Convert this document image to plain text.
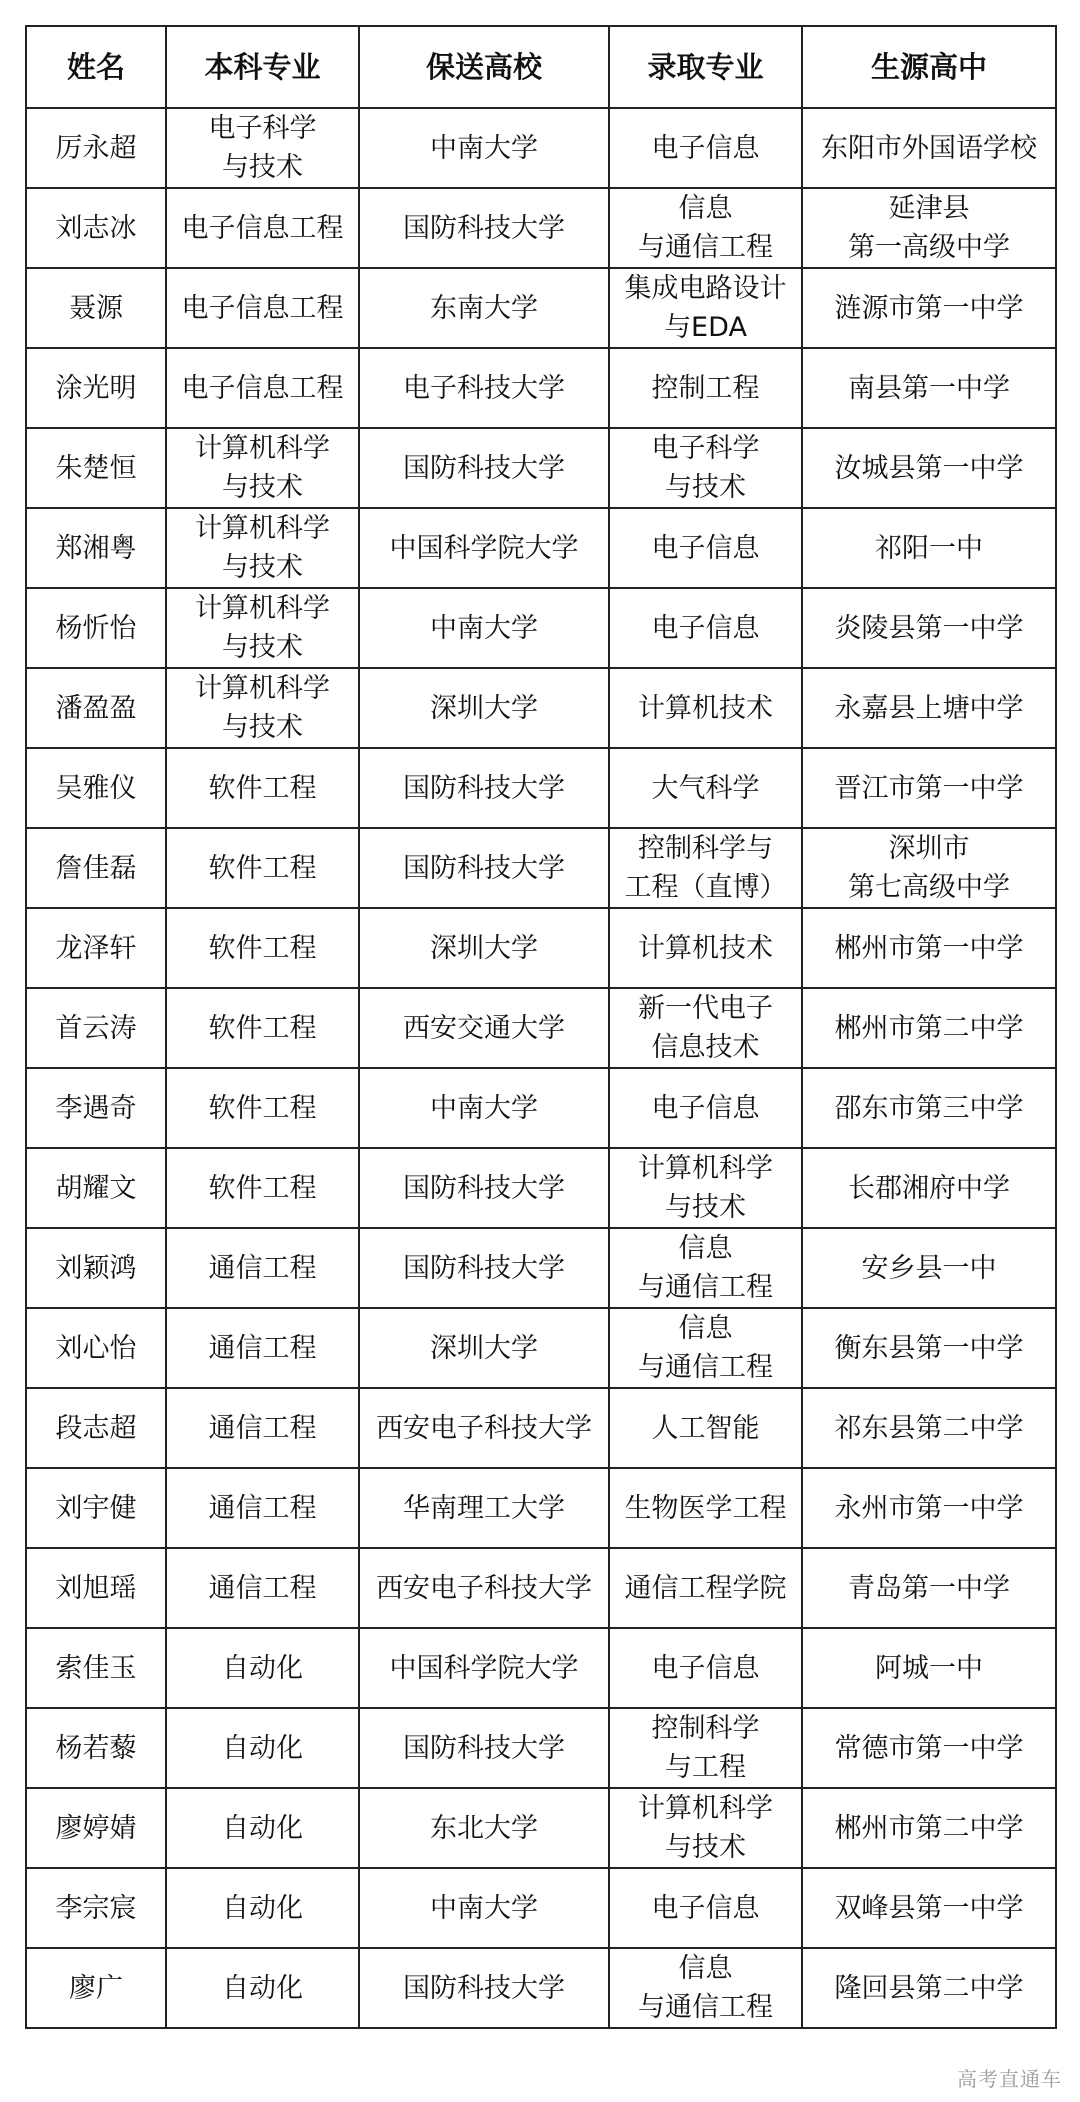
姓名	本科专业	保送高校	录取专业	生源高中

厉永超	电子科学
与技术	中南大学	电子信息	东阳市外国语学校

刘志冰	电子信息工程	国防科技大学	信息
与通信工程	延津县
第一高级中学

聂源	电子信息工程	东南大学	集成电路设计
与EDA	涟源市第一中学

涂光明	电子信息工程	电子科技大学	控制工程	南县第一中学

朱楚恒	计算机科学
与技术	国防科技大学	电子科学
与技术	汝城县第一中学

郑湘粤	计算机科学
与技术	中国科学院大学	电子信息	祁阳一中

杨忻怡	计算机科学
与技术	中南大学	电子信息	炎陵县第一中学

潘盈盈	计算机科学
与技术	深圳大学	计算机技术	永嘉县上塘中学

吴雅仪	软件工程	国防科技大学	大气科学	晋江市第一中学

詹佳磊	软件工程	国防科技大学	控制科学与
工程（直博）	深圳市
第七高级中学

龙泽轩	软件工程	深圳大学	计算机技术	郴州市第一中学

首云涛	软件工程	西安交通大学	新一代电子
信息技术	郴州市第二中学

李遇奇	软件工程	中南大学	电子信息	邵东市第三中学

胡耀文	软件工程	国防科技大学	计算机科学
与技术	长郡湘府中学

刘颖鸿	通信工程	国防科技大学	信息
与通信工程	安乡县一中

刘心怡	通信工程	深圳大学	信息
与通信工程	衡东县第一中学

段志超	通信工程	西安电子科技大学	人工智能	祁东县第二中学

刘宇健	通信工程	华南理工大学	生物医学工程	永州市第一中学

刘旭瑶	通信工程	西安电子科技大学	通信工程学院	青岛第一中学

索佳玉	自动化	中国科学院大学	电子信息	阿城一中

杨若藜	自动化	国防科技大学	控制科学
与工程	常德市第一中学

廖婷婧	自动化	东北大学	计算机科学
与技术	郴州市第二中学

李宗宸	自动化	中南大学	电子信息	双峰县第一中学

廖广	自动化	国防科技大学	信息
与通信工程	隆回县第二中学
高考直通车
